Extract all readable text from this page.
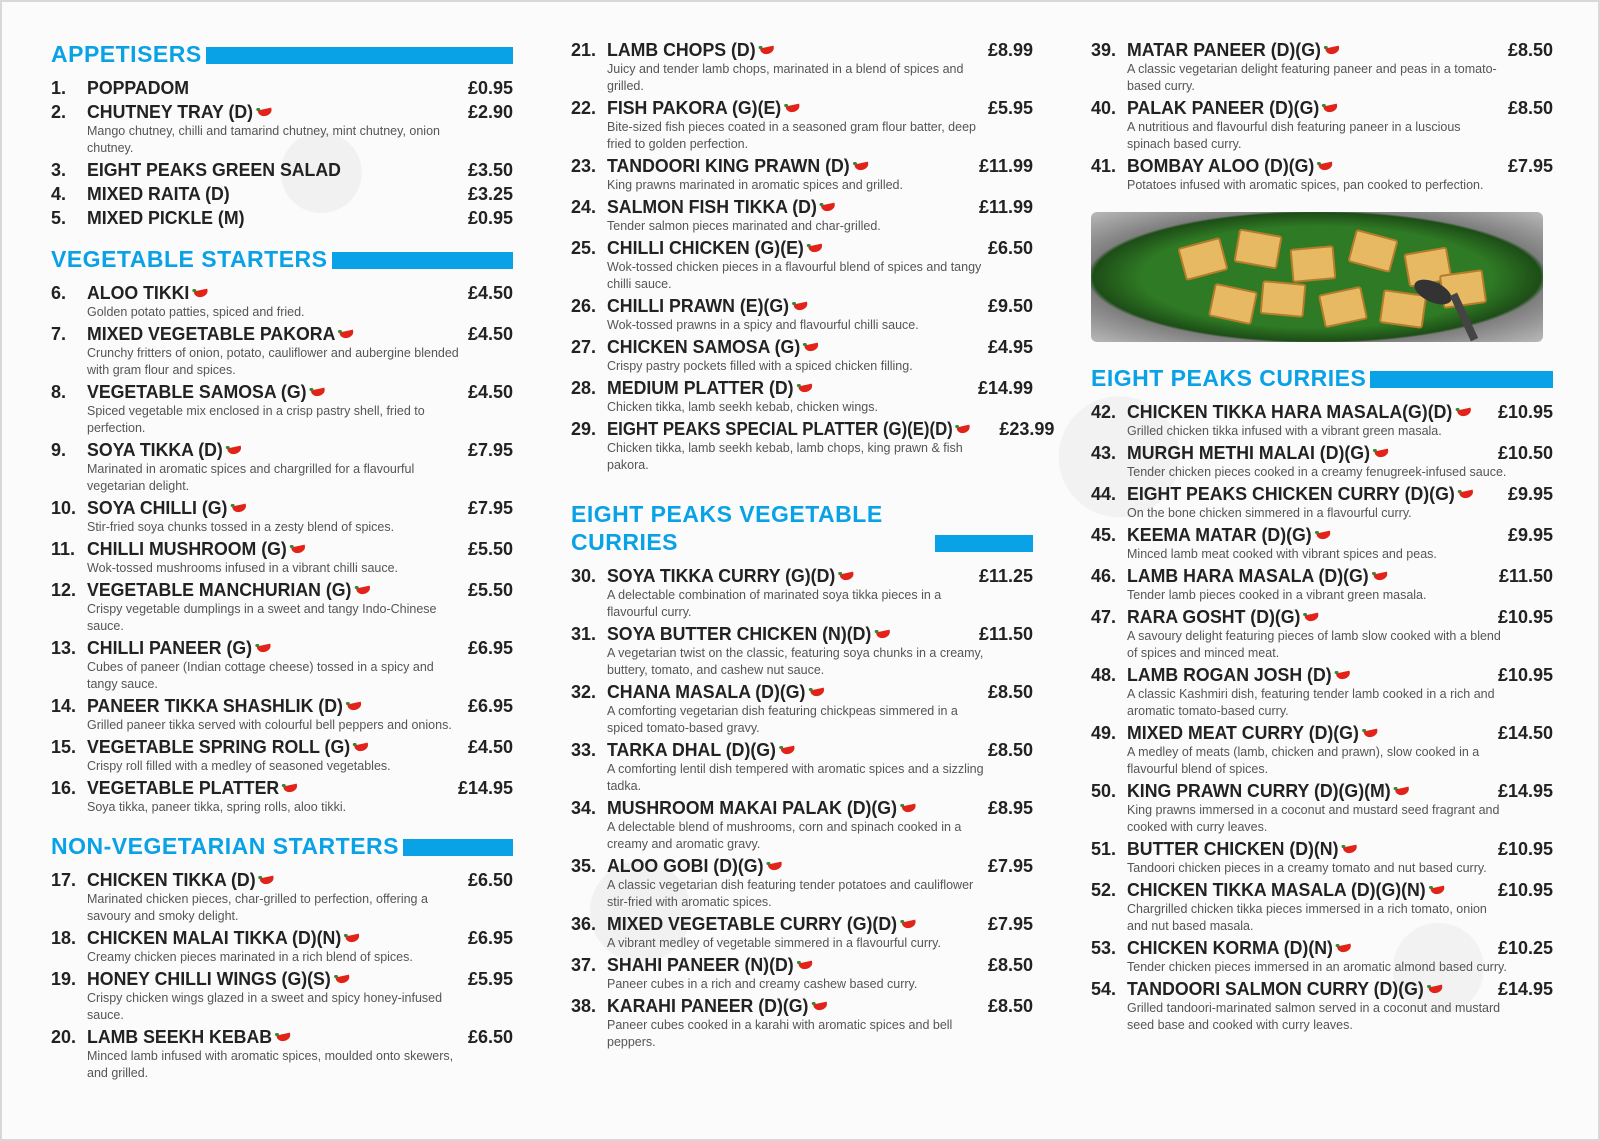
APPETISERS
1.	POPPADOM	£0.95
2.	CHUTNEY TRAY (D)	£2.90
Mango chutney, chilli and tamarind chutney, mint chutney, onion chutney.
3.	EIGHT PEAKS GREEN SALAD	£3.50
4.	MIXED RAITA (D)	£3.25
5.	MIXED PICKLE (M)	£0.95
VEGETABLE STARTERS
6.	ALOO TIKKI	£4.50
Golden potato patties, spiced and fried.
7.	MIXED VEGETABLE PAKORA	£4.50
Crunchy fritters of onion, potato, cauliflower and aubergine blended with gram flour and spices.
8.	VEGETABLE SAMOSA (G)	£4.50
Spiced vegetable mix enclosed in a crisp pastry shell, fried to perfection.
9.	SOYA TIKKA (D)	£7.95
Marinated in aromatic spices and chargrilled for a flavourful vegetarian delight.
10. SOYA CHILLI (G)	£7.95
Stir-fried soya chunks tossed in a zesty blend of spices.
11. CHILLI MUSHROOM (G)	£5.50
Wok-tossed mushrooms infused in a vibrant chilli sauce.
12. VEGETABLE MANCHURIAN (G)	£5.50
Crispy vegetable dumplings in a sweet and tangy Indo-Chinese sauce.
13. CHILLI PANEER (G)	£6.95
Cubes of paneer (Indian cottage cheese) tossed in a spicy and tangy sauce.
14. PANEER TIKKA SHASHLIK (D)	£6.95
Grilled paneer tikka served with colourful bell peppers and onions.
15. VEGETABLE SPRING ROLL (G)	£4.50
Crispy roll filled with a medley of seasoned vegetables.
16. VEGETABLE PLATTER	£14.95
Soya tikka, paneer tikka, spring rolls, aloo tikki.
NON-VEGETARIAN STARTERS
17. CHICKEN TIKKA (D)	£6.50
Marinated chicken pieces, char-grilled to perfection, offering a savoury and smoky delight.
18. CHICKEN MALAI TIKKA (D)(N)	£6.95
Creamy chicken pieces marinated in a rich blend of spices.
19. HONEY CHILLI WINGS (G)(S)	£5.95
Crispy chicken wings glazed in a sweet and spicy honey-infused sauce.
20. LAMB SEEKH KEBAB	£6.50
Minced lamb infused with aromatic spices, moulded onto skewers, and grilled.
21. LAMB CHOPS (D)	£8.99
Juicy and tender lamb chops, marinated in a blend of spices and grilled.
22. FISH PAKORA (G)(E)	£5.95
Bite-sized fish pieces coated in a seasoned gram flour batter, deep fried to golden perfection.
23. TANDOORI KING PRAWN (D)	£11.99
King prawns marinated in aromatic spices and grilled.
24. SALMON FISH TIKKA (D)	£11.99
Tender salmon pieces marinated and char-grilled.
25. CHILLI CHICKEN (G)(E)	£6.50
Wok-tossed chicken pieces in a flavourful blend of spices and tangy chilli sauce.
26. CHILLI PRAWN (E)(G)	£9.50
Wok-tossed prawns in a spicy and flavourful chilli sauce.
27. CHICKEN SAMOSA (G)	£4.95
Crispy pastry pockets filled with a spiced chicken filling.
28. MEDIUM PLATTER (D)	£14.99
Chicken tikka, lamb seekh kebab, chicken wings.
29. EIGHT PEAKS SPECIAL PLATTER (G)(E)(D)	£23.99
Chicken tikka, lamb seekh kebab, lamb chops, king prawn & fish pakora.
EIGHT PEAKS VEGETABLE CURRIES
30. SOYA TIKKA CURRY (G)(D)	£11.25
A delectable combination of marinated soya tikka pieces in a flavourful curry.
31. SOYA BUTTER CHICKEN (N)(D)	£11.50
A vegetarian twist on the classic, featuring soya chunks in a creamy, buttery, tomato, and cashew nut sauce.
32. CHANA MASALA (D)(G)	£8.50
A comforting vegetarian dish featuring chickpeas simmered in a spiced tomato-based gravy.
33. TARKA DHAL (D)(G)	£8.50
A comforting lentil dish tempered with aromatic spices and a sizzling tadka.
34. MUSHROOM MAKAI PALAK (D)(G)	£8.95
A delectable blend of mushrooms, corn and spinach cooked in a creamy and aromatic gravy.
35. ALOO GOBI (D)(G)	£7.95
A classic vegetarian dish featuring tender potatoes and cauliflower stir-fried with aromatic spices.
36. MIXED VEGETABLE CURRY (G)(D)	£7.95
A vibrant medley of vegetable simmered in a flavourful curry.
37. SHAHI PANEER (N)(D)	£8.50
Paneer cubes in a rich and creamy cashew based curry.
38. KARAHI PANEER (D)(G)	£8.50
Paneer cubes cooked in a karahi with aromatic spices and bell peppers.
39. MATAR PANEER (D)(G)	£8.50
A classic vegetarian delight featuring paneer and peas in a tomato-based curry.
40. PALAK PANEER (D)(G)	£8.50
A nutritious and flavourful dish featuring paneer in a luscious spinach based curry.
41. BOMBAY ALOO (D)(G)	£7.95
Potatoes infused with aromatic spices, pan cooked to perfection.
EIGHT PEAKS CURRIES
42. CHICKEN TIKKA HARA MASALA(G)(D)	£10.95
Grilled chicken tikka infused with a vibrant green masala.
43. MURGH METHI MALAI (D)(G)	£10.50
Tender chicken pieces cooked in a creamy fenugreek-infused sauce.
44. EIGHT PEAKS CHICKEN CURRY (D)(G)	£9.95
On the bone chicken simmered in a flavourful curry.
45. KEEMA MATAR (D)(G)	£9.95
Minced lamb meat cooked with vibrant spices and peas.
46. LAMB HARA MASALA (D)(G)	£11.50
Tender lamb pieces cooked in a vibrant green masala.
47. RARA GOSHT (D)(G)	£10.95
A savoury delight featuring pieces of lamb slow cooked with a blend of spices and minced meat.
48. LAMB ROGAN JOSH (D)	£10.95
A classic Kashmiri dish, featuring tender lamb cooked in a rich and aromatic tomato-based curry.
49. MIXED MEAT CURRY (D)(G)	£14.50
A medley of meats (lamb, chicken and prawn), slow cooked in a flavourful blend of spices.
50. KING PRAWN CURRY (D)(G)(M)	£14.95
King prawns immersed in a coconut and mustard seed fragrant and cooked with curry leaves.
51. BUTTER CHICKEN (D)(N)	£10.95
Tandoori chicken pieces in a creamy tomato and nut based curry.
52. CHICKEN TIKKA MASALA (D)(G)(N)	£10.95
Chargrilled chicken tikka pieces immersed in a rich tomato, onion and nut based masala.
53. CHICKEN KORMA (D)(N)	£10.25
Tender chicken pieces immersed in an aromatic almond based curry.
54. TANDOORI SALMON CURRY (D)(G)	£14.95
Grilled tandoori-marinated salmon served in a coconut and mustard seed base and cooked with curry leaves.
